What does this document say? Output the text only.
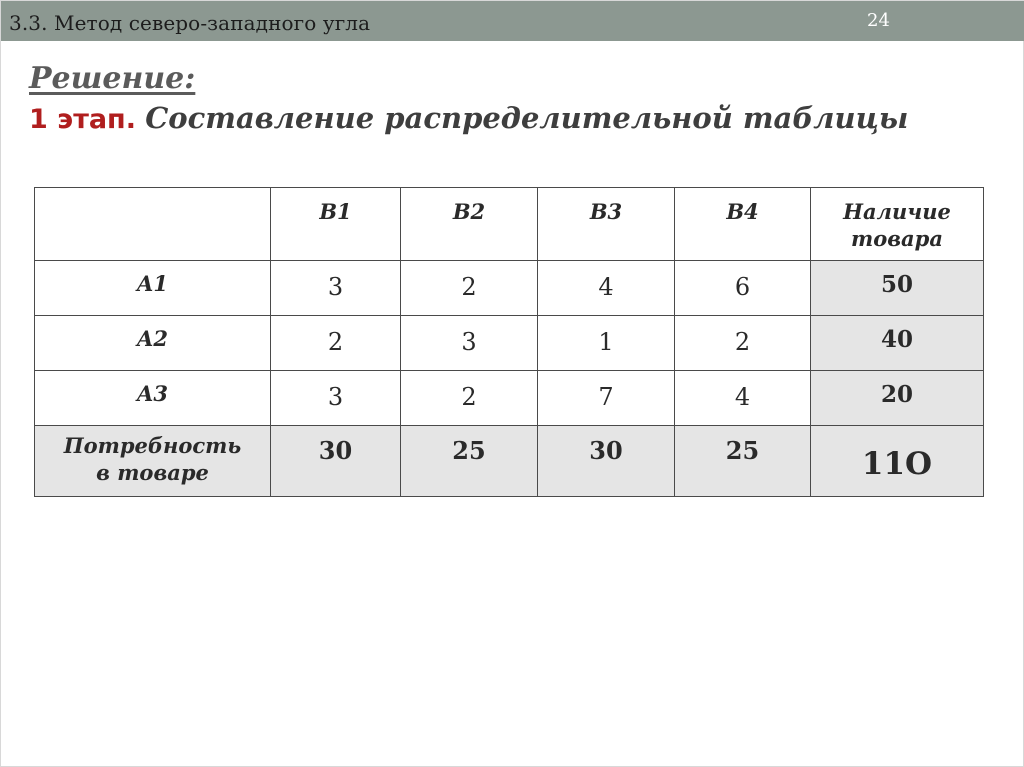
3.3. Метод северо-западного угла	24
Решение:
1 этап. Составление распределительной таблицы
	B1	B2	B3	B4	Наличие
товара

A1	3	2	4	6	50
A2	2	3	1	2	40
A3	3	2	7	4	20

Потребность
в товаре	30	25	30	25	11O
